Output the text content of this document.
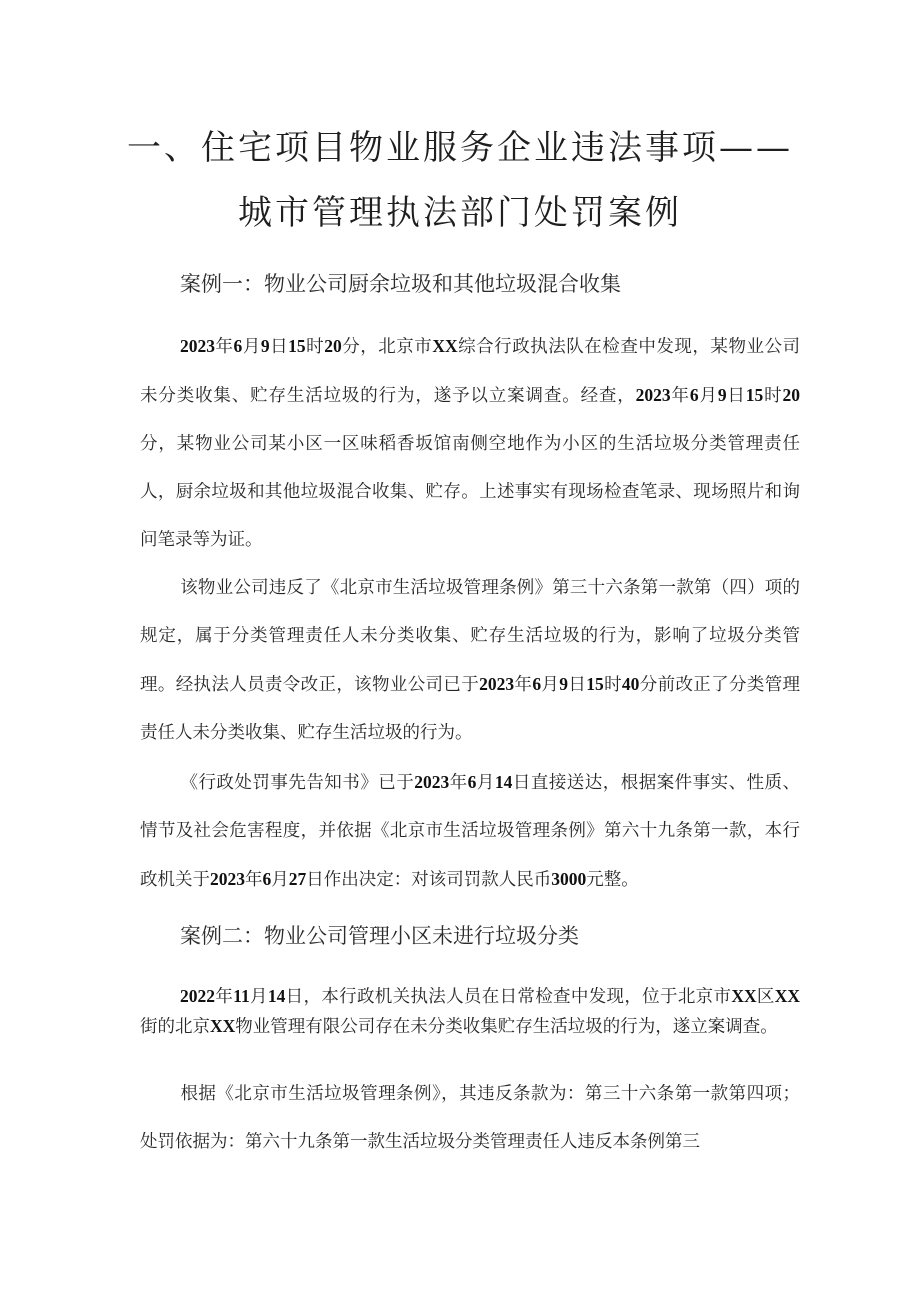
一、住宅项目物业服务企业违法事项——
城市管理执法部门处罚案例
案例一：物业公司厨余垃圾和其他垃圾混合收集

2023年6月9日15时20分，北京市XX综合行政执法队在检查中发现，某物业公司未分类收集、贮存生活垃圾的行为，遂予以立案调查。经查，2023年6月9日15时20分，某物业公司某小区一区味稻香坂馆南侧空地作为小区的生活垃圾分类管理责任人，厨余垃圾和其他垃圾混合收集、贮存。上述事实有现场检查笔录、现场照片和询问笔录等为证。

该物业公司违反了《北京市生活垃圾管理条例》第三十六条第一款第（四）项的规定，属于分类管理责任人未分类收集、贮存生活垃圾的行为，影响了垃圾分类管理。经执法人员责令改正，该物业公司已于2023年6月9日15时40分前改正了分类管理责任人未分类收集、贮存生活垃圾的行为。

《行政处罚事先告知书》已于2023年6月14日直接送达，根据案件事实、性质、情节及社会危害程度，并依据《北京市生活垃圾管理条例》第六十九条第一款，本行政机关于2023年6月27日作出决定：对该司罚款人民币3000元整。

案例二：物业公司管理小区未进行垃圾分类

2022年11月14日，本行政机关执法人员在日常检查中发现，位于北京市XX区XX街的北京XX物业管理有限公司存在未分类收集贮存生活垃圾的行为，遂立案调查。

根据《北京市生活垃圾管理条例》，其违反条款为：第三十六条第一款第四项；处罚依据为：第六十九条第一款生活垃圾分类管理责任人违反本条例第三
